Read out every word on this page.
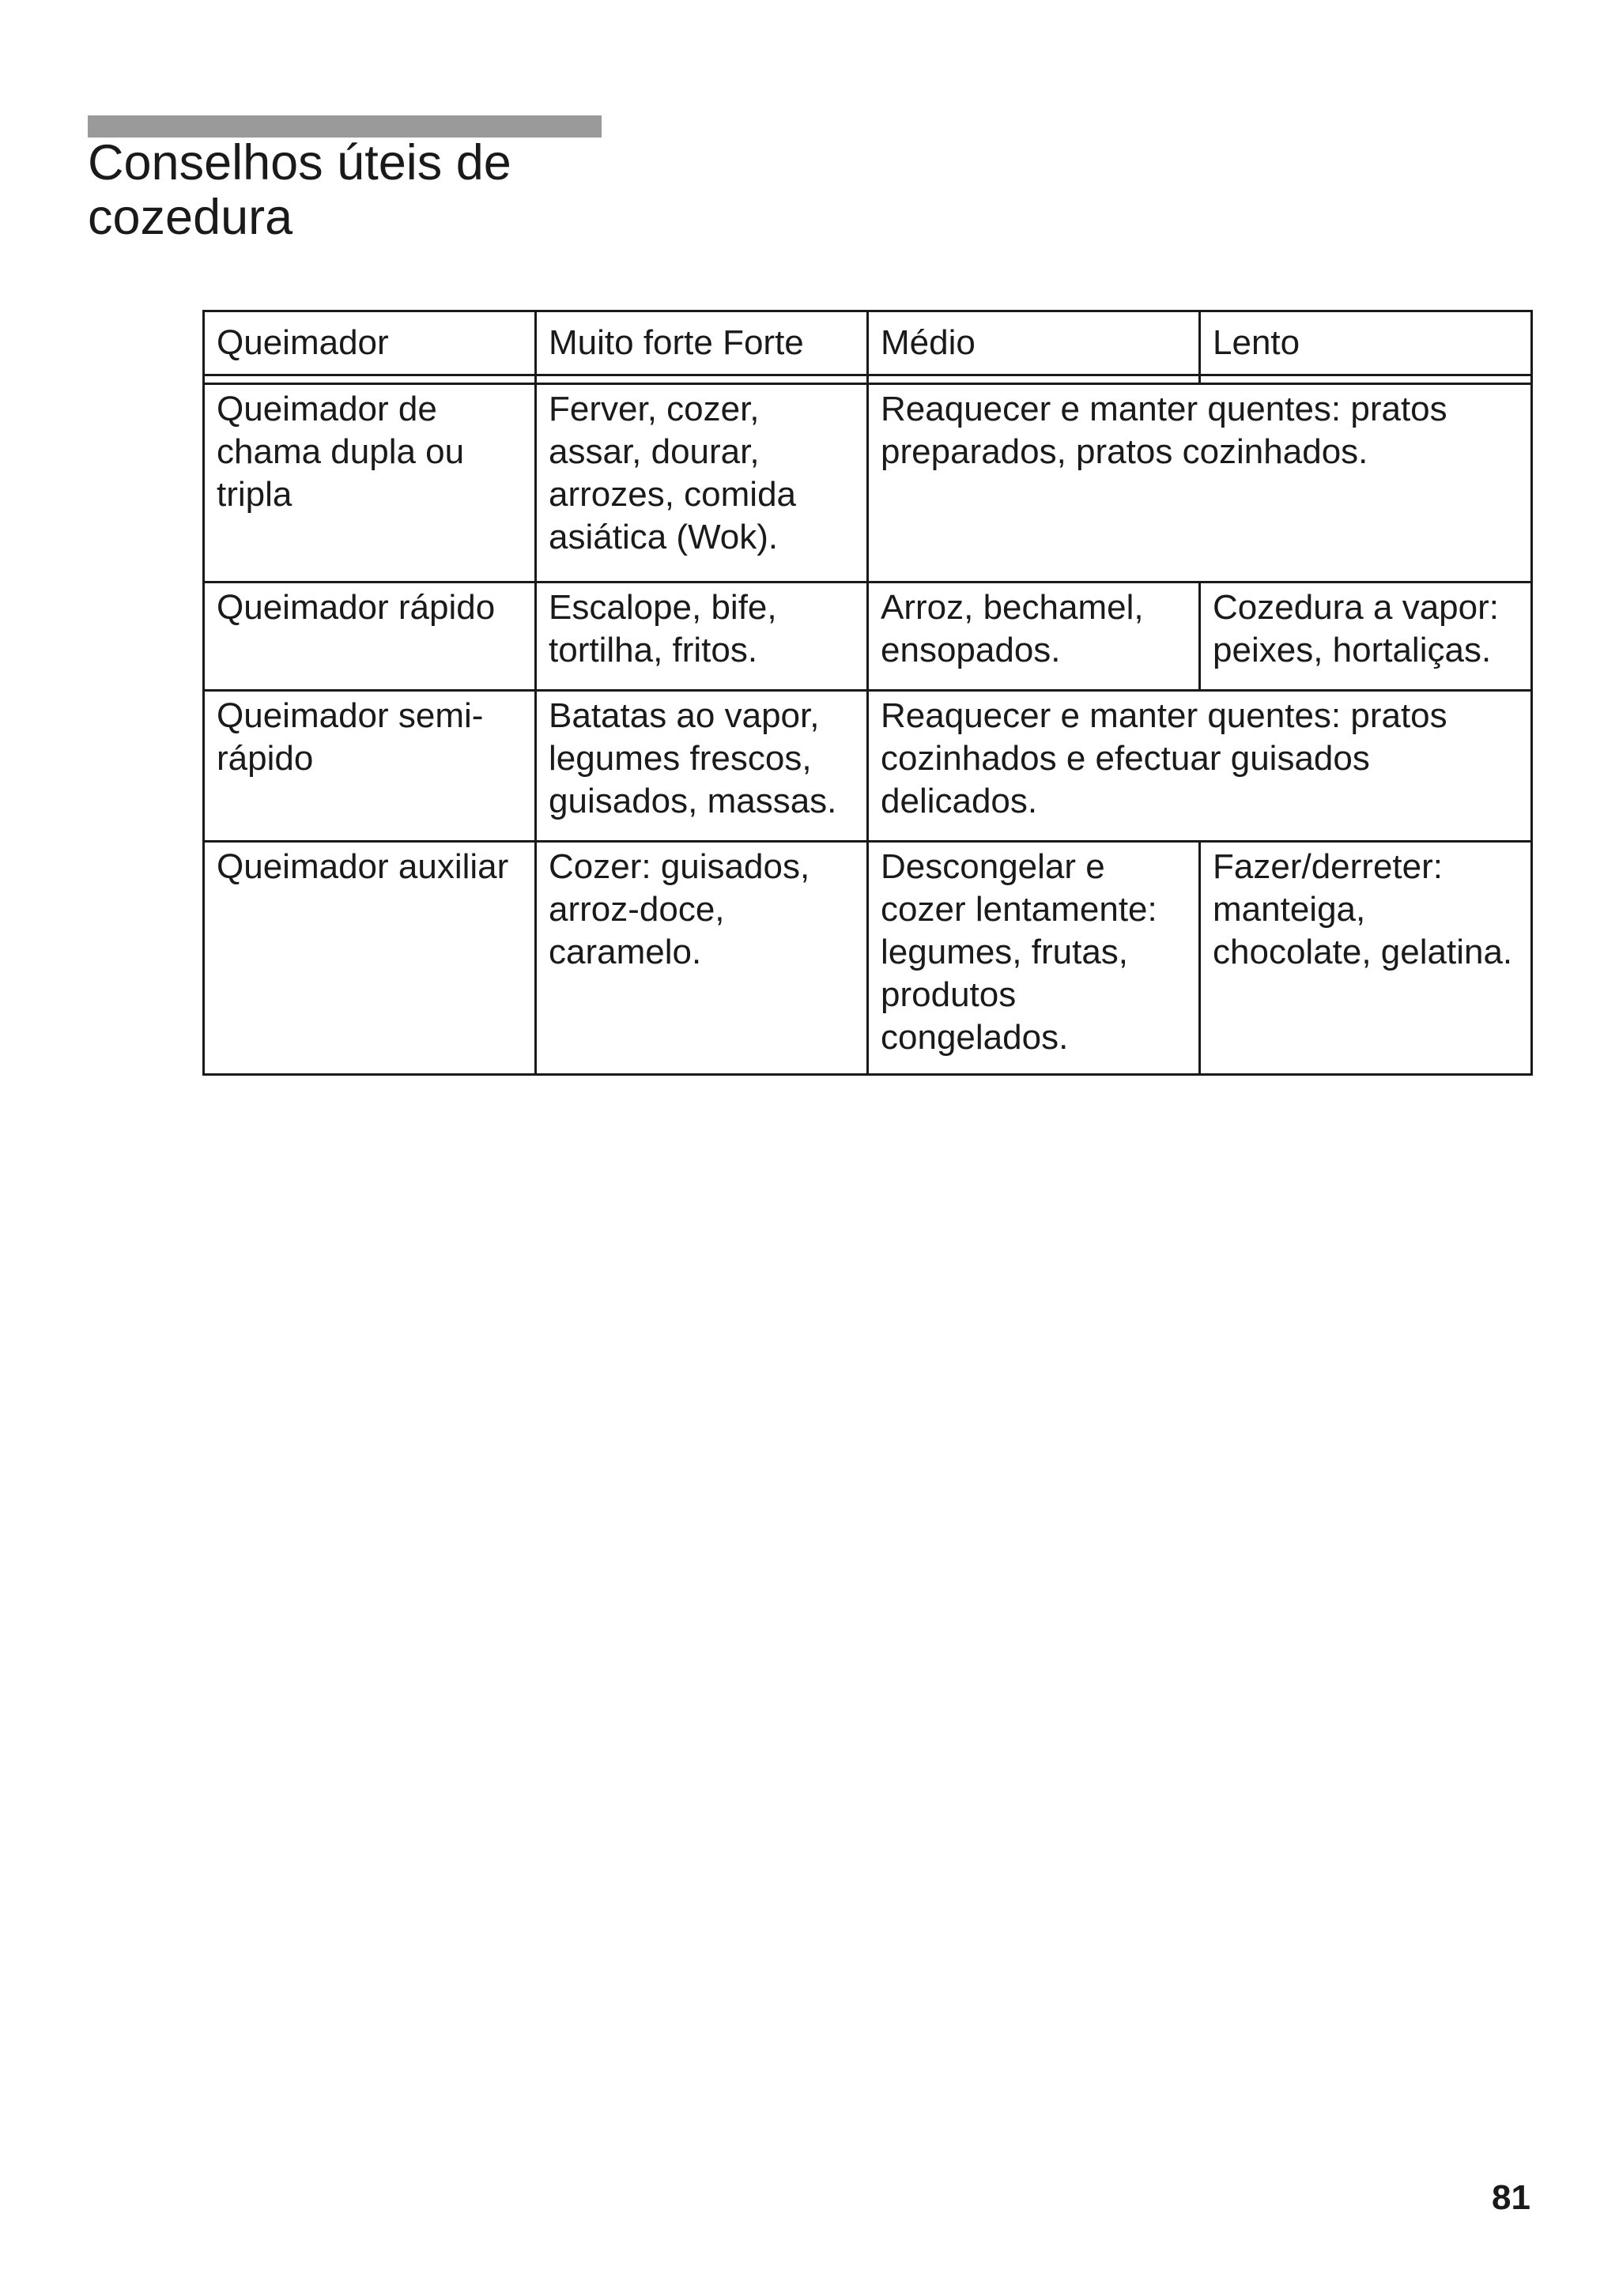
Conselhos úteis de cozedura
Queimador	Muito forte Forte	Médio	Lento

Queimador de chama dupla ou tripla	Ferver, cozer, assar, dourar, arrozes, comida asiática (Wok).	Reaquecer e manter quentes: pratos preparados, pratos cozinhados.	
Queimador rápido	Escalope, bife, tortilha, fritos.	Arroz, bechamel, ensopados.	Cozedura a vapor: peixes, hortaliças.
Queimador semi-rápido	Batatas ao vapor, legumes frescos, guisados, massas.	Reaquecer e manter quentes: pratos cozinhados e efectuar guisados delicados.	
Queimador auxiliar	Cozer: guisados, arroz-doce, caramelo.	Descongelar e cozer lentamente: legumes, frutas, produtos congelados.	Fazer/derreter: manteiga, chocolate, gelatina.
81
